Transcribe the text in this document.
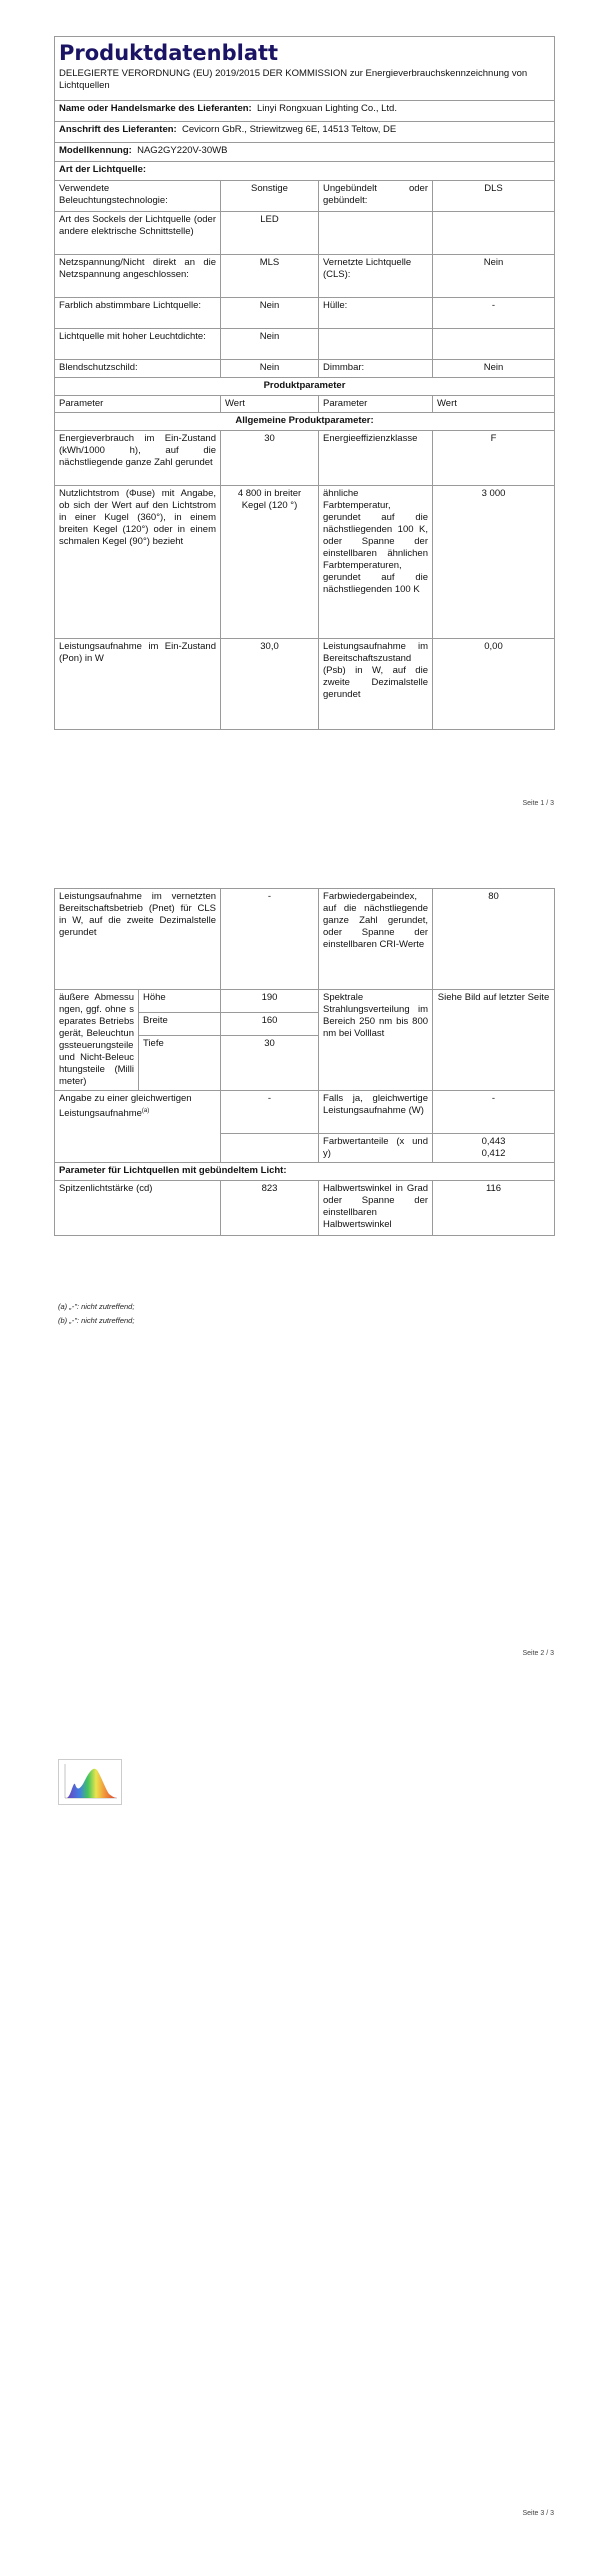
Produktdatenblatt			

DELEGIERTE VERORDNUNG (EU) 2019/2015 DER KOMMISSION zur Energieverbrauchskennzeichnung von Lichtquellen			

Name oder Handelsmarke des Lieferanten: Linyi Rongxuan Lighting Co., Ltd.			
Anschrift des Lieferanten: Cevicorn GbR., Striewitzweg 6E, 14513 Teltow, DE			
Modellkennung: NAG2GY220V-30WB			
Art der Lichtquelle:			
Verwendete Beleuchtungstechnologie:	Sonstige	Ungebündelt oder gebündelt:	DLS
Art des Sockels der Lichtquelle (oder andere elektrische Schnittstelle)	LED		
Netzspannung/Nicht direkt an die Netzspannung angeschlossen:	MLS	Vernetzte Lichtquelle (CLS):	Nein
Farblich abstimmbare Lichtquelle:	Nein	Hülle:	-
Lichtquelle mit hoher Leuchtdichte:	Nein		
Blendschutzschild:	Nein	Dimmbar:	Nein
Produktparameter			
Parameter	Wert	Parameter	Wert
Allgemeine Produktparameter:			
Energieverbrauch im Ein-Zustand (kWh/1000 h), auf die nächstliegende ganze Zahl gerundet	30	Energieeffizienzklasse	F
Nutzlichtstrom (Φuse) mit Angabe, ob sich der Wert auf den Lichtstrom in einer Kugel (360°), in einem breiten Kegel (120°) oder in einem schmalen Kegel (90°) bezieht	4 800 in breiter Kegel (120 °)	ähnliche Farbtemperatur, gerundet auf die nächstliegenden 100 K, oder Spanne der einstellbaren ähnlichen Farbtemperaturen, gerundet auf die nächstliegenden 100 K	3 000
Leistungsaufnahme im Ein-Zustand (Pon) in W	30,0	Leistungsaufnahme im Bereitschaftszustand (Psb) in W, auf die zweite Dezimalstelle gerundet	0,00
Seite 1 / 3
Leistungsaufnahme im vernetzten Bereitschaftsbetrieb (Pnet) für CLS in W, auf die zweite Dezimalstelle gerundet		-	Farbwiedergabeindex, auf die nächstliegende ganze Zahl gerundet, oder Spanne der einstellbaren CRI-Werte	80
äußere Abmessungen, ggf. ohne separates Betriebsgerät, Beleuchtungssteuerungsteile und Nicht-Beleuchtungsteile (Millimeter)	Höhe	190	Spektrale Strahlungsverteilung im Bereich 250 nm bis 800 nm bei Volllast	Siehe Bild auf letzter Seite
	Breite	160		
	Tiefe	30		
Angabe zu einer gleichwertigen Leistungsaufnahme$^{(a)}$		-	Falls ja, gleichwertige Leistungsaufnahme (W)	-
			Farbwertanteile (x und y)	0,443
0,412

Parameter für Lichtquellen mit gebündeltem Licht:				
Spitzenlichtstärke (cd)		823	Halbwertswinkel in Grad oder Spanne der einstellbaren Halbwertswinkel	116
(a) „-": nicht zutreffend;
(b) „-": nicht zutreffend;
Seite 2 / 3
Seite 3 / 3
